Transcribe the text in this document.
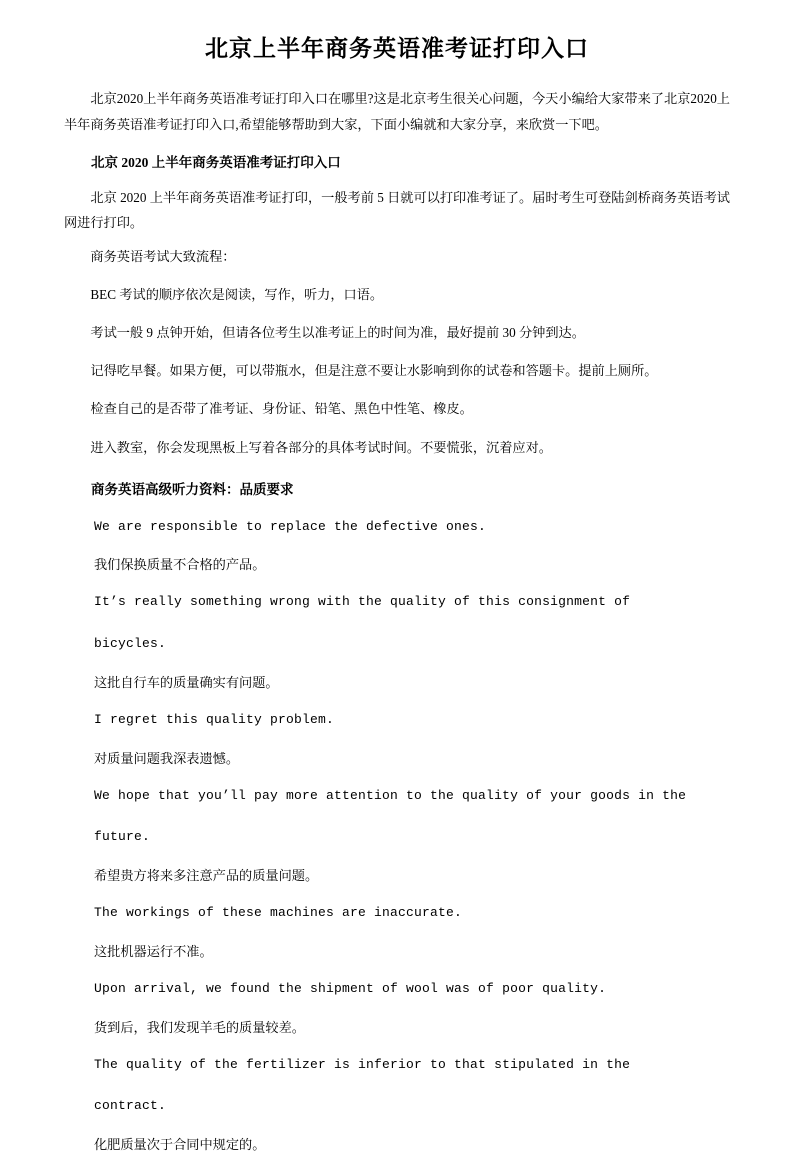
北京上半年商务英语准考证打印入口

北京2020上半年商务英语准考证打印入口在哪里?这是北京考生很关心问题，今天小编给大家带来了北京2020上半年商务英语准考证打印入口,希望能够帮助到大家，下面小编就和大家分享，来欣赏一下吧。

北京 2020 上半年商务英语准考证打印入口

北京 2020 上半年商务英语准考证打印，一般考前 5 日就可以打印准考证了。届时考生可登陆剑桥商务英语考试网进行打印。

商务英语考试大致流程：

BEC 考试的顺序依次是阅读，写作，听力，口语。

考试一般 9 点钟开始，但请各位考生以准考证上的时间为准，最好提前 30 分钟到达。

记得吃早餐。如果方便，可以带瓶水，但是注意不要让水影响到你的试卷和答题卡。提前上厕所。

检查自己的是否带了准考证、身份证、铅笔、黑色中性笔、橡皮。

进入教室，你会发现黑板上写着各部分的具体考试时间。不要慌张，沉着应对。

商务英语高级听力资料：品质要求

We are responsible to replace the defective ones.

我们保换质量不合格的产品。

It’s really something wrong with the quality of this consignment of
bicycles.

这批自行车的质量确实有问题。

I regret this quality problem.

对质量问题我深表遗憾。

We hope that you’ll pay more attention to the quality of your goods in the
future.

希望贵方将来多注意产品的质量问题。

The workings of these machines are inaccurate.

这批机器运行不准。

Upon arrival, we found the shipment of wool was of poor quality.

货到后，我们发现羊毛的质量较差。

The quality of the fertilizer is inferior to that stipulated in the
contract.

化肥质量次于合同中规定的。
